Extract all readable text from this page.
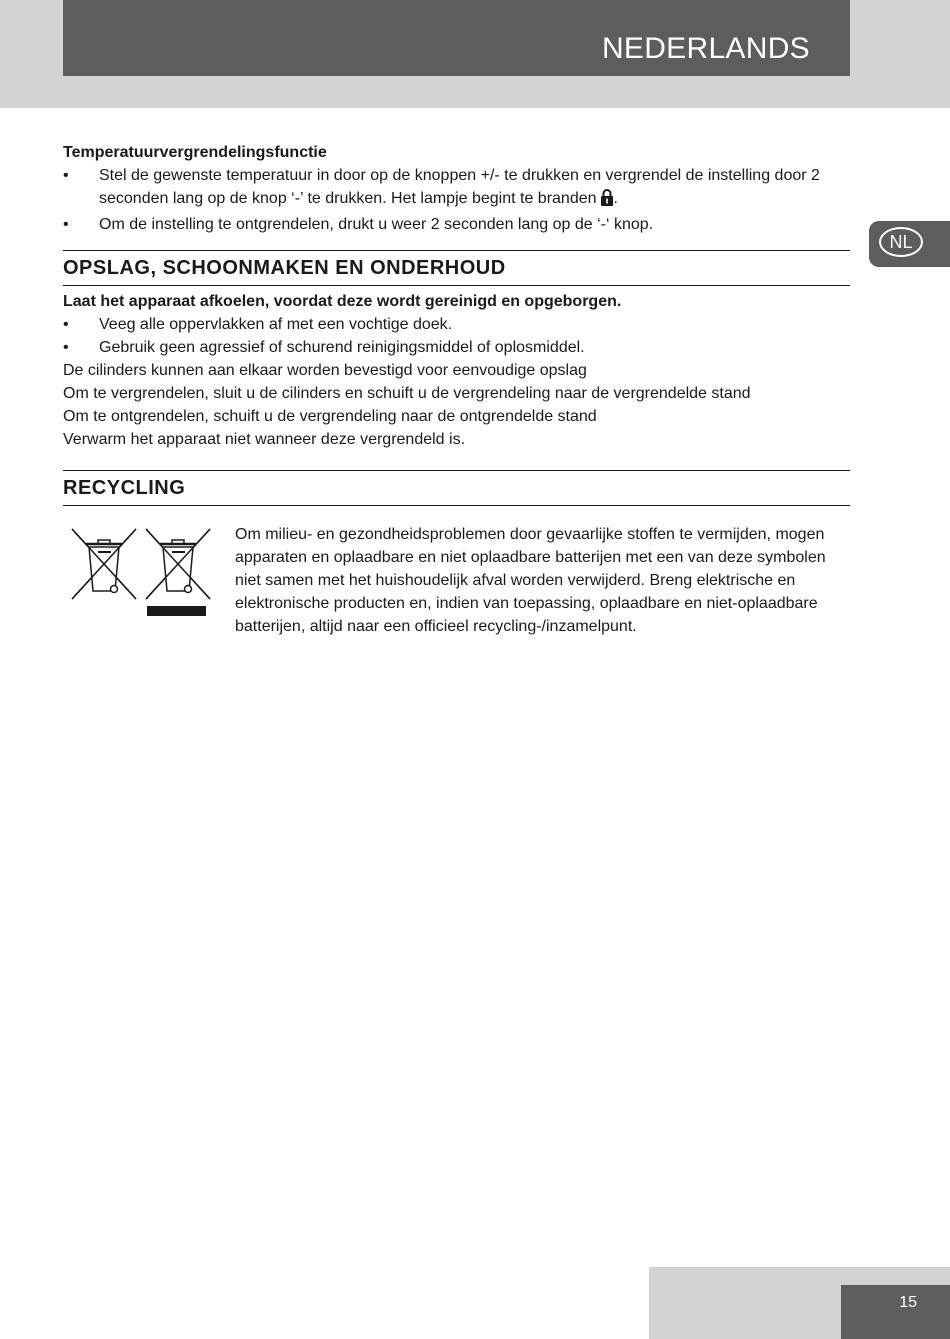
NEDERLANDS
NL

Temperatuurvergrendelingsfunctie

•	Stel de gewenste temperatuur in door op de knoppen +/- te drukken en vergrendel de instelling door 2 seconden lang op de knop ‘-’ te drukken. Het lampje begint te branden .
•	Om de instelling te ontgrendelen, drukt u weer 2 seconden lang op de ‘-‘ knop.
OPSLAG, SCHOONMAKEN EN ONDERHOUD

Laat het apparaat afkoelen, voordat deze wordt gereinigd en opgeborgen.

•	Veeg alle oppervlakken af met een vochtige doek.
•	Gebruik geen agressief of schurend reinigingsmiddel of oplosmiddel.

De cilinders kunnen aan elkaar worden bevestigd voor eenvoudige opslag

Om te vergrendelen, sluit u de cilinders en schuift u de vergrendeling naar de vergrendelde stand

Om te ontgrendelen, schuift u de vergrendeling naar de ontgrendelde stand

Verwarm het apparaat niet wanneer deze vergrendeld is.

RECYCLING

Om milieu- en gezondheidsproblemen door gevaarlijke stoffen te vermijden, mogen apparaten en oplaadbare en niet oplaadbare batterijen met een van deze symbolen niet samen met het huishoudelijk afval worden verwijderd. Breng elektrische en elektronische producten en, indien van toepassing, oplaadbare en niet-oplaadbare batterijen, altijd naar een officieel recycling-/inzamelpunt.

15
